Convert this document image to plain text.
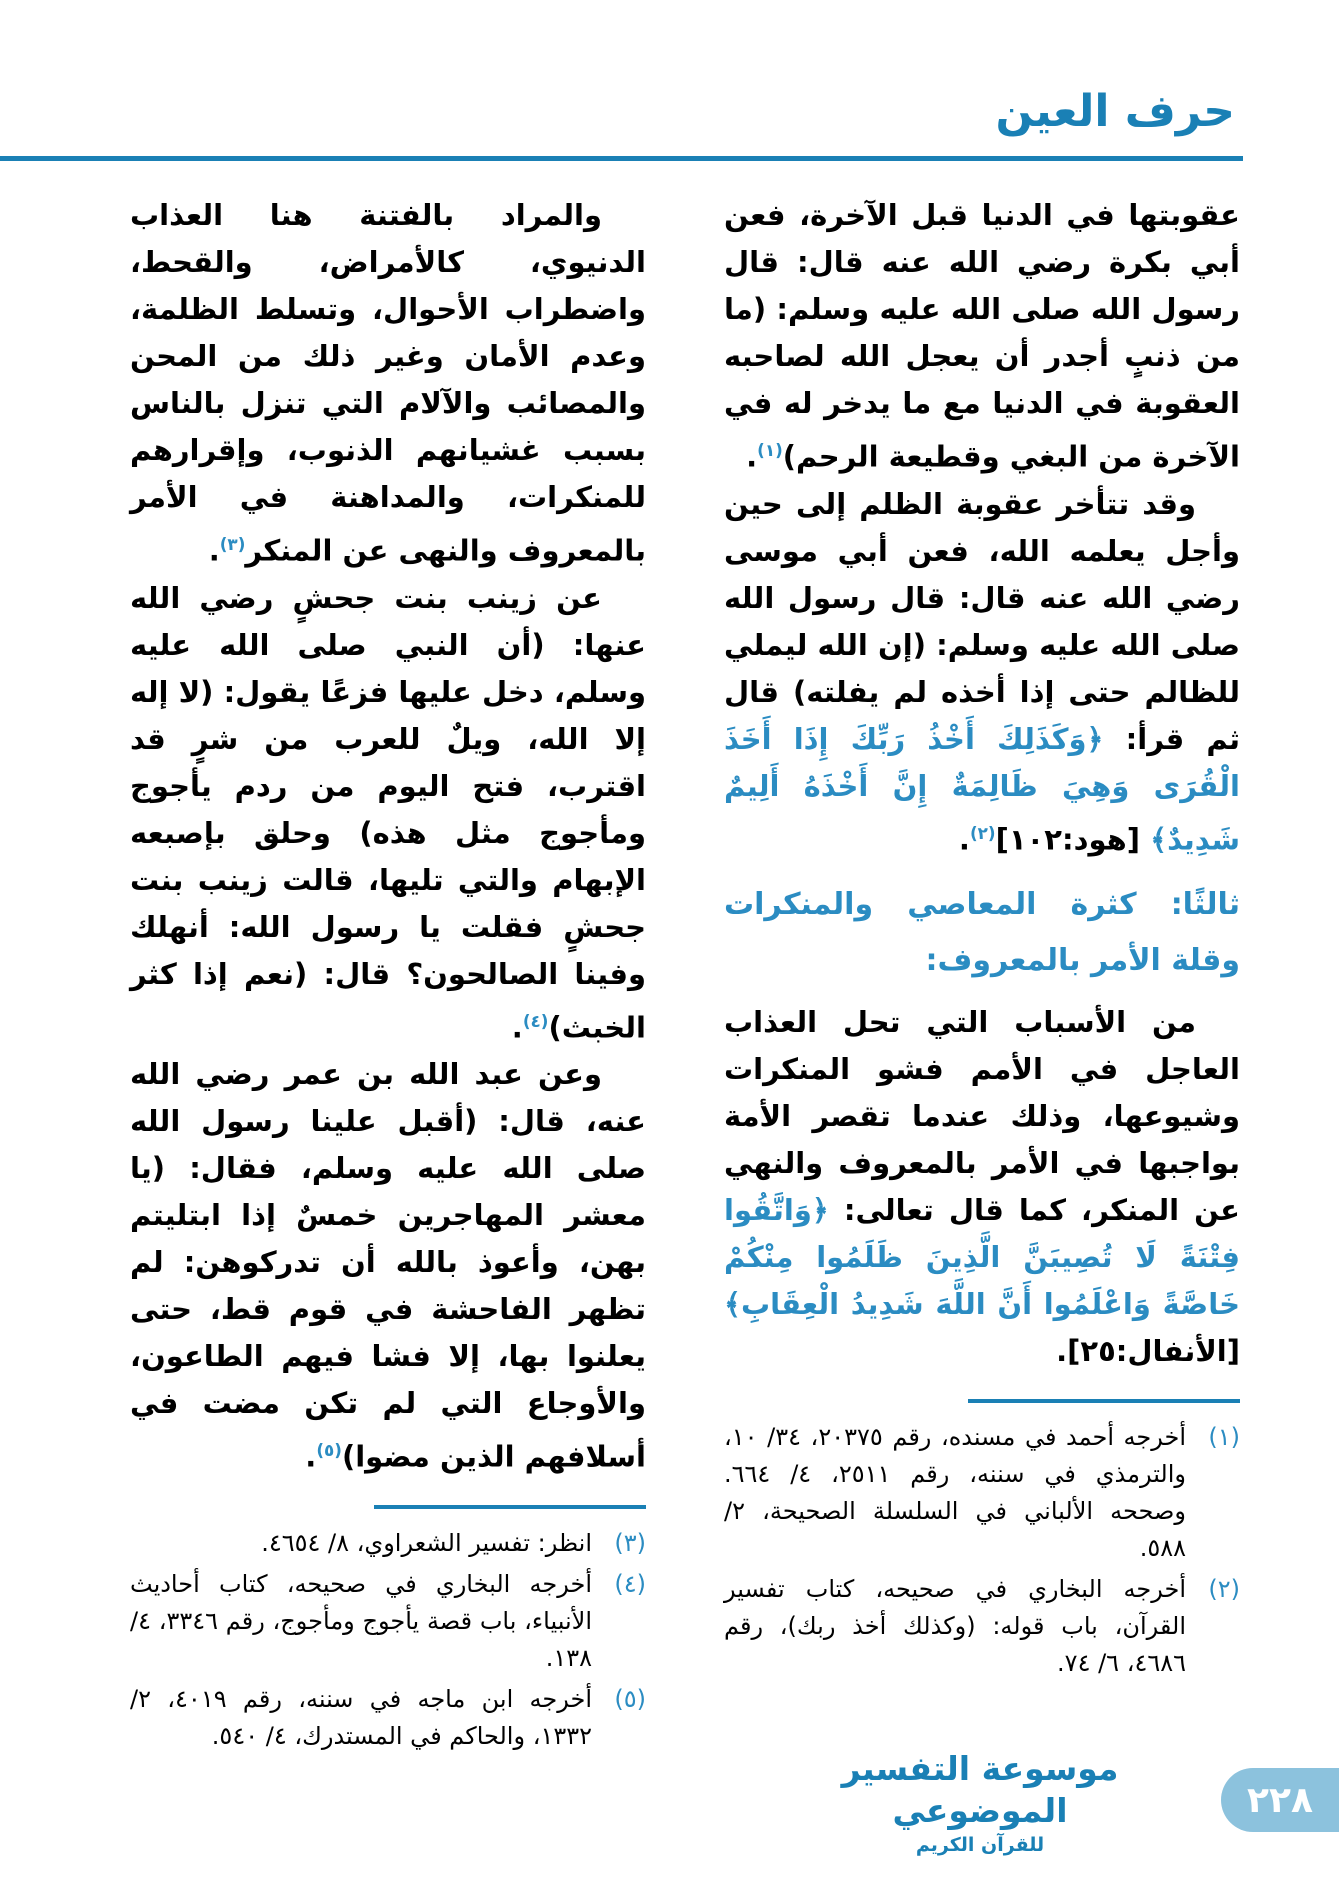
حرف العين

عقوبتها في الدنيا قبل الآخرة، فعن أبي بكرة رضي الله عنه قال: قال رسول الله صلى الله عليه وسلم: (ما من ذنبٍ أجدر أن يعجل الله لصاحبه العقوبة في الدنيا مع ما يدخر له في الآخرة من البغي وقطيعة الرحم)$^{(١)}$.

وقد تتأخر عقوبة الظلم إلى حين وأجل يعلمه الله، فعن أبي موسى رضي الله عنه قال: قال رسول الله صلى الله عليه وسلم: (إن الله ليملي للظالم حتى إذا أخذه لم يفلته) قال ثم قرأ: ﴿وَكَذَلِكَ أَخْذُ رَبِّكَ إِذَا أَخَذَ الْقُرَى وَهِيَ ظَالِمَةٌ إِنَّ أَخْذَهُ أَلِيمٌ شَدِيدٌ﴾ [هود:١٠٢]$^{(٢)}$.

ثالثًا: كثرة المعاصي والمنكرات وقلة الأمر بالمعروف:

من الأسباب التي تحل العذاب العاجل في الأمم فشو المنكرات وشيوعها، وذلك عندما تقصر الأمة بواجبها في الأمر بالمعروف والنهي عن المنكر، كما قال تعالى: ﴿وَاتَّقُوا فِتْنَةً لَا تُصِيبَنَّ الَّذِينَ ظَلَمُوا مِنْكُمْ خَاصَّةً وَاعْلَمُوا أَنَّ اللَّهَ شَدِيدُ الْعِقَابِ﴾ [الأنفال:٢٥].

(١)
أخرجه أحمد في مسنده، رقم ٢٠٣٧٥، ٣٤/ ١٠، والترمذي في سننه، رقم ٢٥١١، ٤/ ٦٦٤. وصححه الألباني في السلسلة الصحيحة، ٢/ ٥٨٨.
(٢)
أخرجه البخاري في صحيحه، كتاب تفسير القرآن، باب قوله: (وكذلك أخذ ربك)، رقم ٤٦٨٦، ٦/ ٧٤.

والمراد بالفتنة هنا العذاب الدنيوي، كالأمراض، والقحط، واضطراب الأحوال، وتسلط الظلمة، وعدم الأمان وغير ذلك من المحن والمصائب والآلام التي تنزل بالناس بسبب غشيانهم الذنوب، وإقرارهم للمنكرات، والمداهنة في الأمر بالمعروف والنهى عن المنكر$^{(٣)}$.

عن زينب بنت جحشٍ رضي الله عنها: (أن النبي صلى الله عليه وسلم، دخل عليها فزعًا يقول: (لا إله إلا الله، ويلٌ للعرب من شرٍ قد اقترب، فتح اليوم من ردم يأجوج ومأجوج مثل هذه) وحلق بإصبعه الإبهام والتي تليها، قالت زينب بنت جحشٍ فقلت يا رسول الله: أنهلك وفينا الصالحون؟ قال: (نعم إذا كثر الخبث)$^{(٤)}$.

وعن عبد الله بن عمر رضي الله عنه، قال: (أقبل علينا رسول الله صلى الله عليه وسلم، فقال: (يا معشر المهاجرين خمسٌ إذا ابتليتم بهن، وأعوذ بالله أن تدركوهن: لم تظهر الفاحشة في قوم قط، حتى يعلنوا بها، إلا فشا فيهم الطاعون، والأوجاع التي لم تكن مضت في أسلافهم الذين مضوا)$^{(٥)}$.

(٣)
انظر: تفسير الشعراوي، ٨/ ٤٦٥٤.
(٤)
أخرجه البخاري في صحيحه، كتاب أحاديث الأنبياء، باب قصة يأجوج ومأجوج، رقم ٣٣٤٦، ٤/ ١٣٨.
(٥)
أخرجه ابن ماجه في سننه، رقم ٤٠١٩، ٢/ ١٣٣٢، والحاكم في المستدرك، ٤/ ٥٤٠.
موسوعة التفسير الموضوعي
للقرآن الكريم
٢٢٨
